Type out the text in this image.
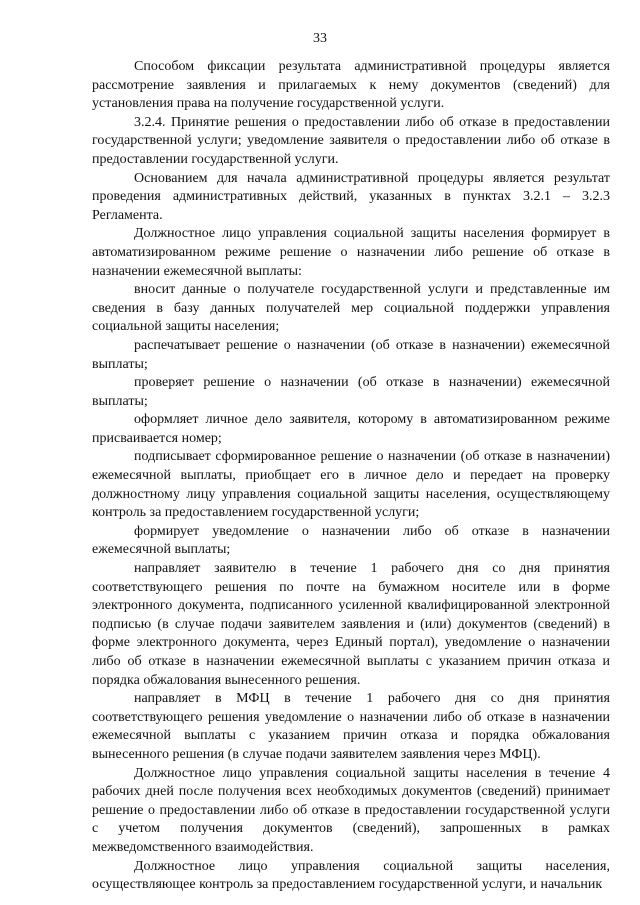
33

Способом фиксации результата административной процедуры является рассмотрение заявления и прилагаемых к нему документов (сведений) для установления права на получение государственной услуги.

3.2.4. Принятие решения о предоставлении либо об отказе в предоставлении государственной услуги; уведомление заявителя о предоставлении либо об отказе в предоставлении государственной услуги.

Основанием для начала административной процедуры является результат проведения административных действий, указанных в пунктах 3.2.1 – 3.2.3 Регламента.

Должностное лицо управления социальной защиты населения формирует в автоматизированном режиме решение о назначении либо решение об отказе в назначении ежемесячной выплаты:

вносит данные о получателе государственной услуги и представленные им сведения в базу данных получателей мер социальной поддержки управления социальной защиты населения;

распечатывает решение о назначении (об отказе в назначении) ежемесячной выплаты;

проверяет решение о назначении (об отказе в назначении) ежемесячной выплаты;

оформляет личное дело заявителя, которому в автоматизированном режиме присваивается номер;

подписывает сформированное решение о назначении (об отказе в назначении) ежемесячной выплаты, приобщает его в личное дело и передает на проверку должностному лицу управления социальной защиты населения, осуществляющему контроль за предоставлением государственной услуги;

формирует уведомление о назначении либо об отказе в назначении ежемесячной выплаты;

направляет заявителю в течение 1 рабочего дня со дня принятия соответствующего решения по почте на бумажном носителе или в форме электронного документа, подписанного усиленной квалифицированной электронной подписью (в случае подачи заявителем заявления и (или) документов (сведений) в форме электронного документа, через Единый портал), уведомление о назначении либо об отказе в назначении ежемесячной выплаты с указанием причин отказа и порядка обжалования вынесенного решения.

направляет в МФЦ в течение 1 рабочего дня со дня принятия соответствующего решения уведомление о назначении либо об отказе в назначении ежемесячной выплаты с указанием причин отказа и порядка обжалования вынесенного решения (в случае подачи заявителем заявления через МФЦ).

Должностное лицо управления социальной защиты населения в течение 4 рабочих дней после получения всех необходимых документов (сведений) принимает решение о предоставлении либо об отказе в предоставлении государственной услуги с учетом получения документов (сведений), запрошенных в рамках межведомственного взаимодействия.

Должностное лицо управления социальной защиты населения, осуществляющее контроль за предоставлением государственной услуги, и начальник
